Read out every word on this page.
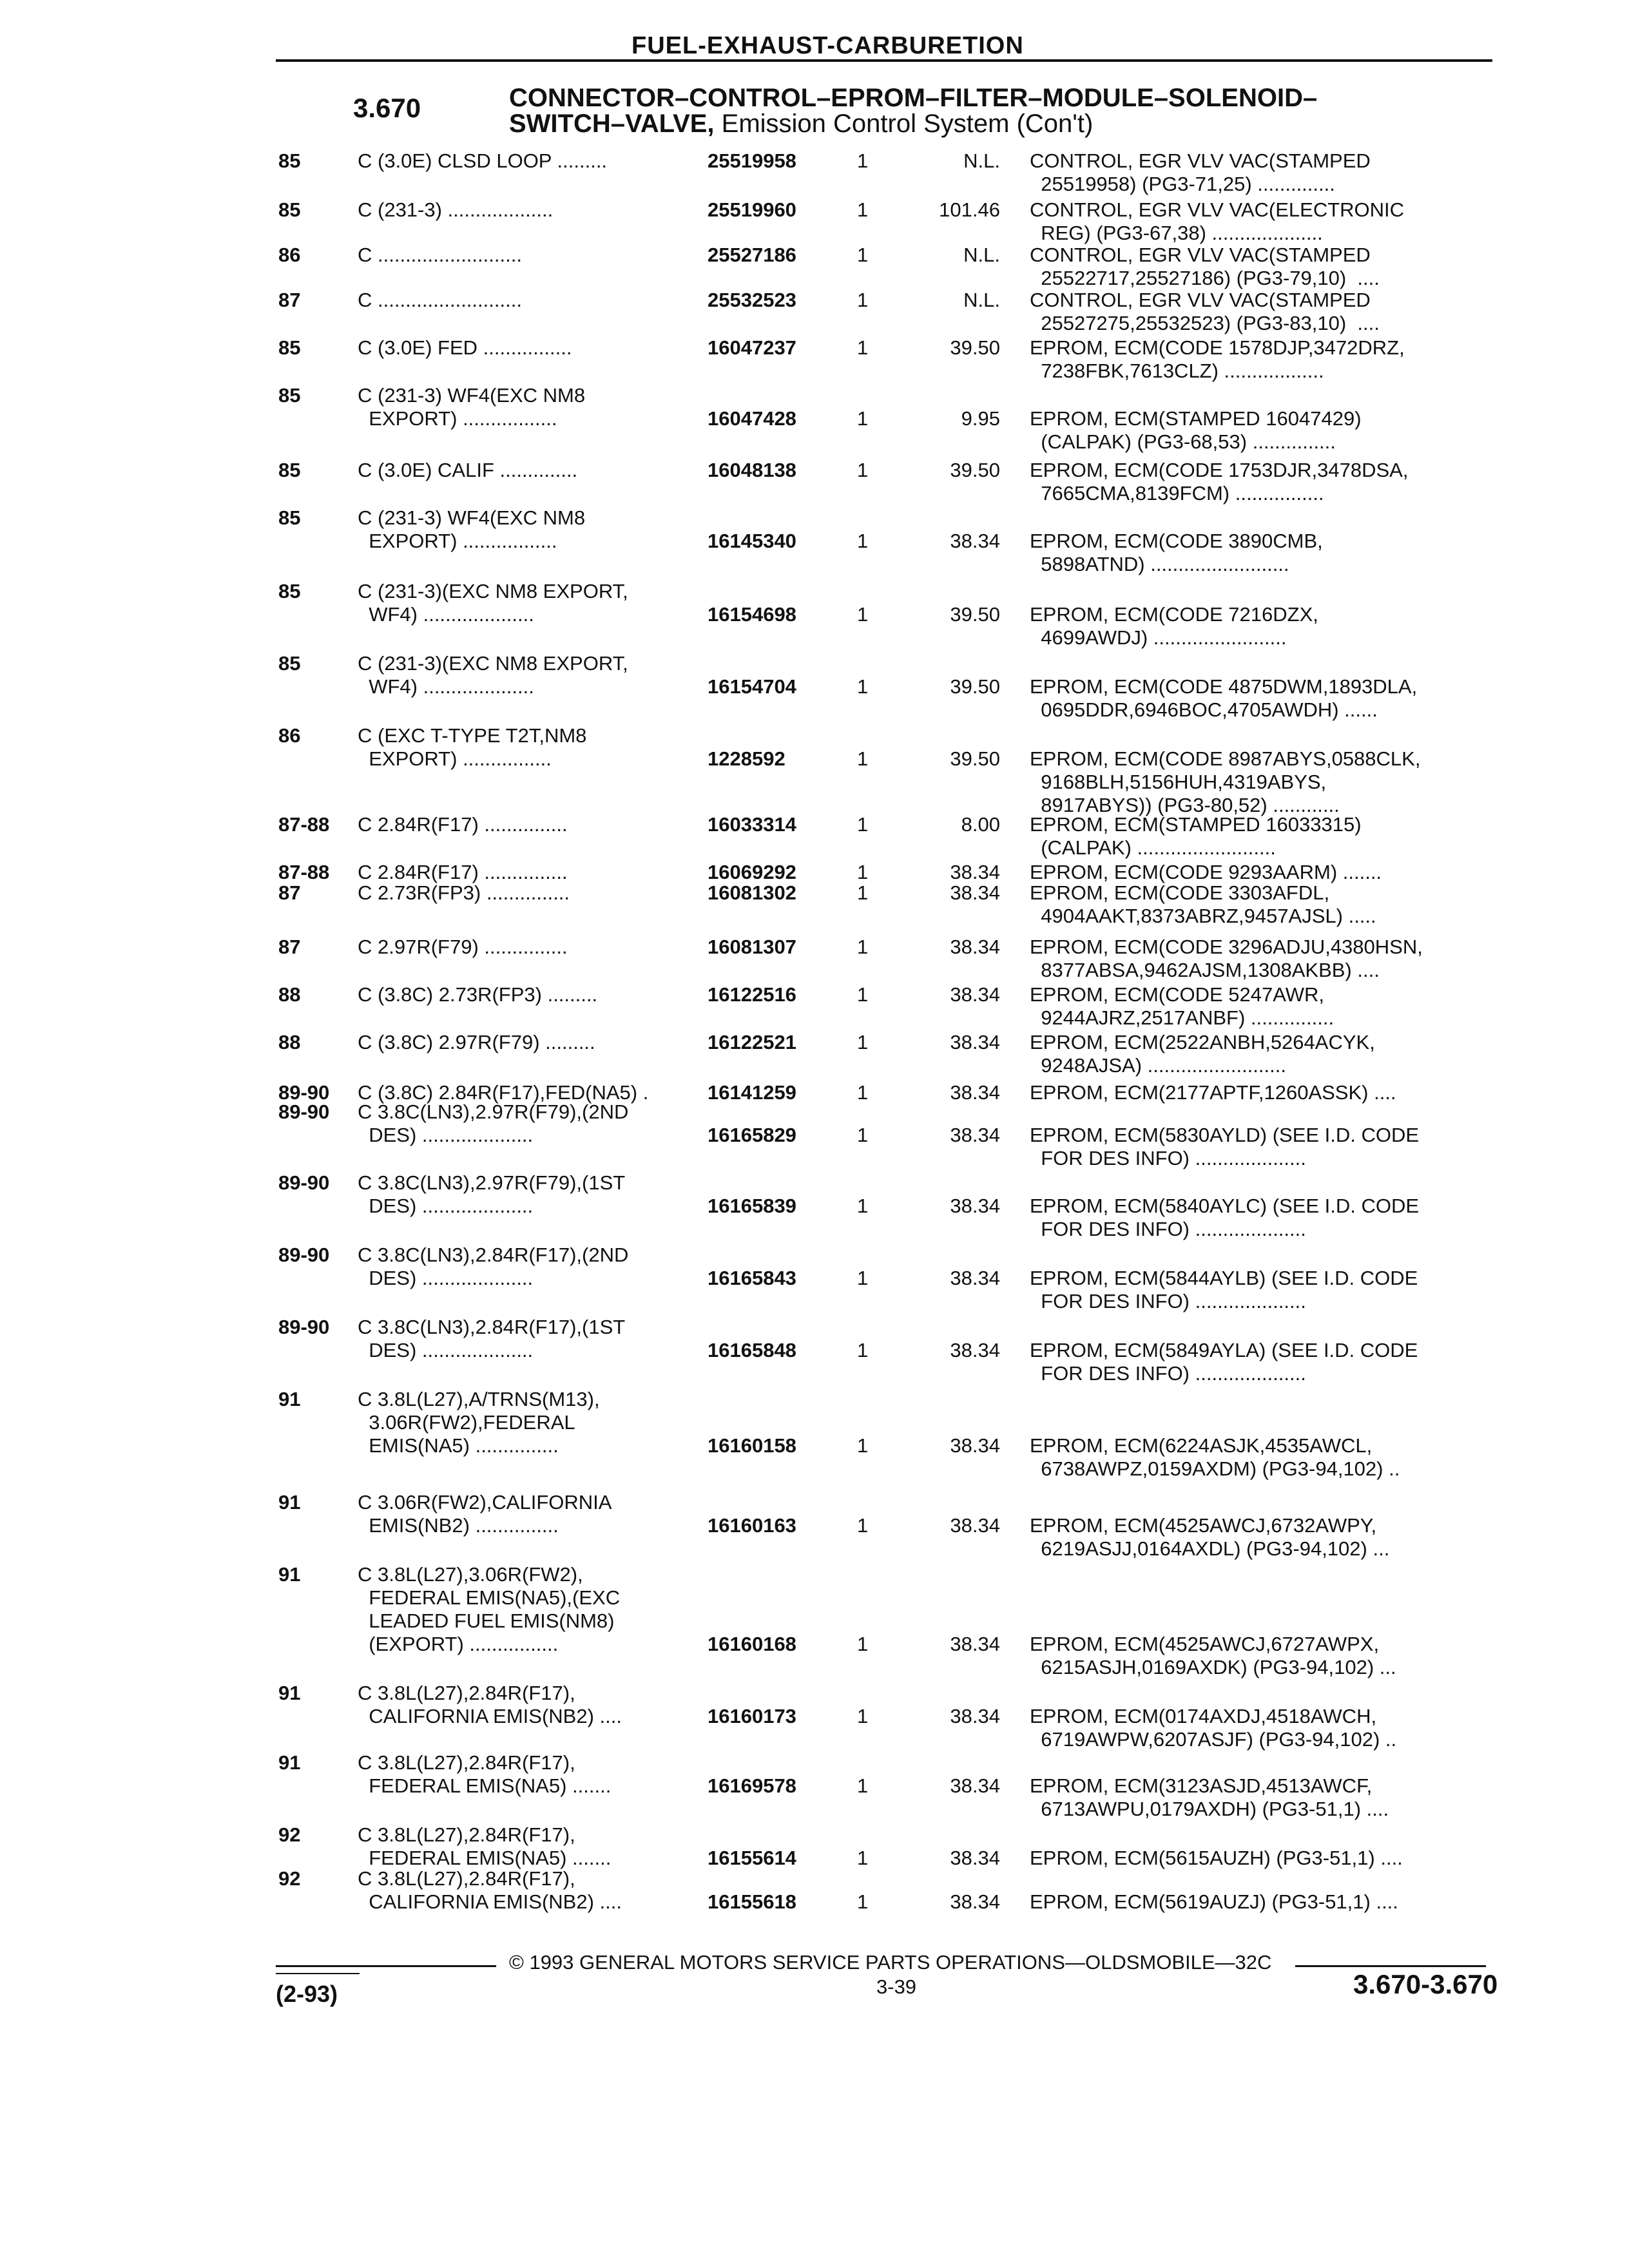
FUEL-EXHAUST-CARBURETION
3.670	CONNECTOR–CONTROL–EPROM–FILTER–MODULE–SOLENOID–
SWITCH–VALVE, Emission Control System (Con't)
85	C (3.0E) CLSD LOOP .........	25519958	1	N.L. CONTROL, EGR VLV VAC(STAMPED
25519958) (PG3-71,25) ..............
85	C (231-3) ...................	25519960	1	101.46 CONTROL, EGR VLV VAC(ELECTRONIC
REG) (PG3-67,38) ....................
86	C ..........................	25527186	1	N.L. CONTROL, EGR VLV VAC(STAMPED
25522717,25527186) (PG3-79,10)  ....
87	C ..........................	25532523	1	N.L. CONTROL, EGR VLV VAC(STAMPED
25527275,25532523) (PG3-83,10)  ....
85	C (3.0E) FED ................	16047237	1	39.50 EPROM, ECM(CODE 1578DJP,3472DRZ,
7238FBK,7613CLZ) ..................
85	C (231-3) WF4(EXC NM8
EXPORT) .................	16047428	1	9.95 EPROM, ECM(STAMPED 16047429)
(CALPAK) (PG3-68,53) ...............
85	C (3.0E) CALIF ..............	16048138	1	39.50 EPROM, ECM(CODE 1753DJR,3478DSA,
7665CMA,8139FCM) ................
85	C (231-3) WF4(EXC NM8
EXPORT) .................	16145340	1	38.34 EPROM, ECM(CODE 3890CMB,
5898ATND) .........................
85	C (231-3)(EXC NM8 EXPORT,
WF4) ....................	16154698	1	39.50 EPROM, ECM(CODE 7216DZX,
4699AWDJ) ........................
85	C (231-3)(EXC NM8 EXPORT,
WF4) ....................	16154704	1	39.50 EPROM, ECM(CODE 4875DWM,1893DLA,
0695DDR,6946BOC,4705AWDH) ......
86	C (EXC T-TYPE T2T,NM8
EXPORT) ................	1228592	1	39.50 EPROM, ECM(CODE 8987ABYS,0588CLK,
9168BLH,5156HUH,4319ABYS,
8917ABYS)) (PG3-80,52) ............
87-88 C 2.84R(F17) ...............	16033314	1	8.00 EPROM, ECM(STAMPED 16033315)
(CALPAK) .........................
87-88 C 2.84R(F17) ...............	16069292	1	38.34 EPROM, ECM(CODE 9293AARM) .......
87	C 2.73R(FP3) ...............	16081302	1	38.34 EPROM, ECM(CODE 3303AFDL,
4904AAKT,8373ABRZ,9457AJSL) .....
87	C 2.97R(F79) ...............	16081307	1	38.34 EPROM, ECM(CODE 3296ADJU,4380HSN,
8377ABSA,9462AJSM,1308AKBB) ....
88	C (3.8C) 2.73R(FP3) .........	16122516	1	38.34 EPROM, ECM(CODE 5247AWR,
9244AJRZ,2517ANBF) ...............
88	C (3.8C) 2.97R(F79) .........	16122521	1	38.34 EPROM, ECM(2522ANBH,5264ACYK,
9248AJSA) .........................
89-90 C (3.8C) 2.84R(F17),FED(NA5) .	16141259	1	38.34 EPROM, ECM(2177APTF,1260ASSK) ....
89-90 C 3.8C(LN3),2.97R(F79),(2ND
DES) ....................	16165829	1	38.34 EPROM, ECM(5830AYLD) (SEE I.D. CODE
FOR DES INFO) ....................
89-90 C 3.8C(LN3),2.97R(F79),(1ST
DES) ....................	16165839	1	38.34 EPROM, ECM(5840AYLC) (SEE I.D. CODE
FOR DES INFO) ....................
89-90 C 3.8C(LN3),2.84R(F17),(2ND
DES) ....................	16165843	1	38.34 EPROM, ECM(5844AYLB) (SEE I.D. CODE
FOR DES INFO) ....................
89-90 C 3.8C(LN3),2.84R(F17),(1ST
DES) ....................	16165848	1	38.34 EPROM, ECM(5849AYLA) (SEE I.D. CODE
FOR DES INFO) ....................
91	C 3.8L(L27),A/TRNS(M13),
3.06R(FW2),FEDERAL
EMIS(NA5) ...............	16160158	1	38.34 EPROM, ECM(6224ASJK,4535AWCL,
6738AWPZ,0159AXDM) (PG3-94,102) ..
91	C 3.06R(FW2),CALIFORNIA
EMIS(NB2) ...............	16160163	1	38.34 EPROM, ECM(4525AWCJ,6732AWPY,
6219ASJJ,0164AXDL) (PG3-94,102) ...
91	C 3.8L(L27),3.06R(FW2),
FEDERAL EMIS(NA5),(EXC
LEADED FUEL EMIS(NM8)
(EXPORT) ................	16160168	1	38.34 EPROM, ECM(4525AWCJ,6727AWPX,
6215ASJH,0169AXDK) (PG3-94,102) ...
91	C 3.8L(L27),2.84R(F17),
CALIFORNIA EMIS(NB2) ....	16160173	1	38.34 EPROM, ECM(0174AXDJ,4518AWCH,
6719AWPW,6207ASJF) (PG3-94,102) ..
91	C 3.8L(L27),2.84R(F17),
FEDERAL EMIS(NA5) .......	16169578	1	38.34 EPROM, ECM(3123ASJD,4513AWCF,
6713AWPU,0179AXDH) (PG3-51,1) ....
92	C 3.8L(L27),2.84R(F17),
FEDERAL EMIS(NA5) .......	16155614	1	38.34 EPROM, ECM(5615AUZH) (PG3-51,1) ....
92	C 3.8L(L27),2.84R(F17),
CALIFORNIA EMIS(NB2) ....	16155618	1	38.34 EPROM, ECM(5619AUZJ) (PG3-51,1) ....
© 1993 GENERAL MOTORS SERVICE PARTS OPERATIONS—OLDSMOBILE—32C
(2-93)	3-39	3.670-3.670
